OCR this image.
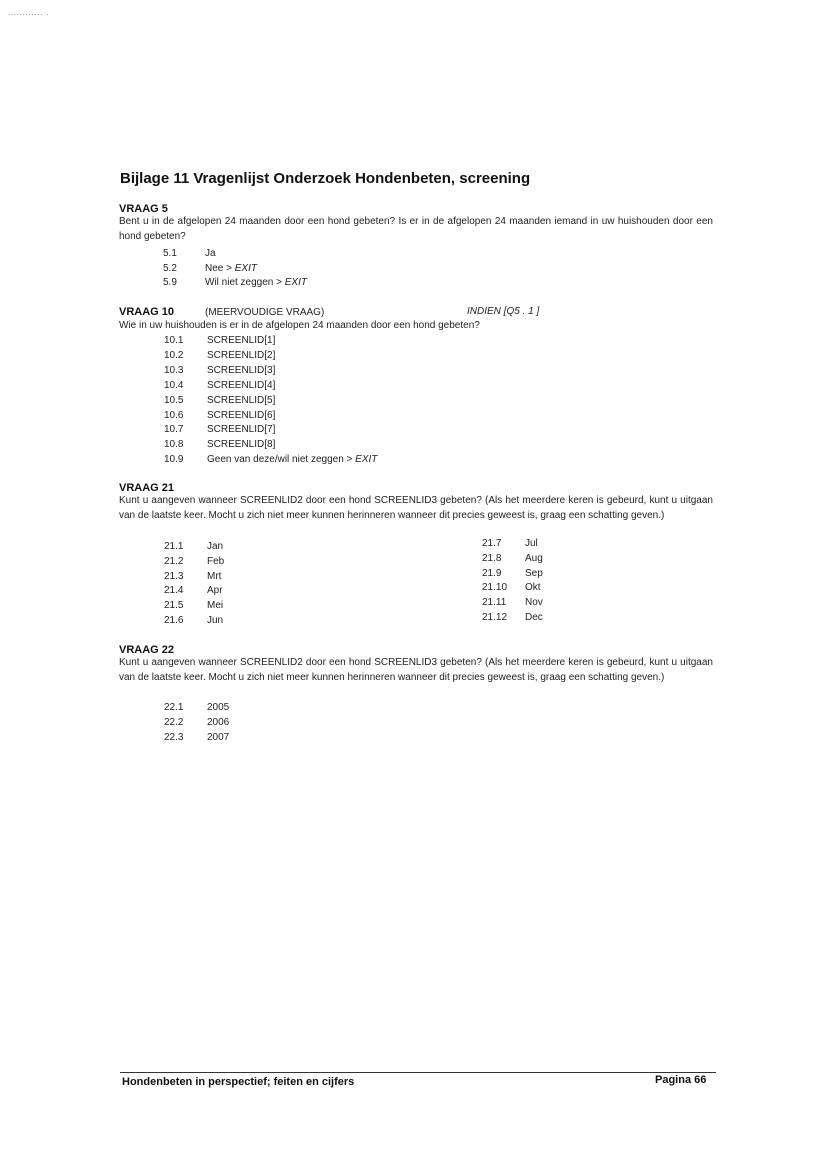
............ .
Bijlage 11 Vragenlijst Onderzoek Hondenbeten, screening
VRAAG 5
Bent u in de afgelopen 24 maanden door een hond gebeten? Is er in de afgelopen 24 maanden iemand in uw huishouden door een hond gebeten?
5.1	Ja
5.2	Nee > EXIT
5.9	Wil niet zeggen > EXIT
VRAAG 10	(MEERVOUDIGE VRAAG)	INDIEN [Q5 . 1 ]
Wie in uw huishouden is er in de afgelopen 24 maanden door een hond gebeten?
10.1 SCREENLID[1]
10.2 SCREENLID[2]
10.3 SCREENLID[3]
10.4 SCREENLID[4]
10.5 SCREENLID[5]
10.6 SCREENLID[6]
10.7 SCREENLID[7]
10.8 SCREENLID[8]
10.9 Geen van deze/wil niet zeggen > EXIT
VRAAG 21
Kunt u aangeven wanneer SCREENLID2 door een hond SCREENLID3 gebeten? (Als het meerdere keren is gebeurd, kunt u uitgaan van de laatste keer. Mocht u zich niet meer kunnen herinneren wanneer dit precies geweest is, graag een schatting geven.)
21.1 Jan
21.2 Feb
21.3 Mrt
21.4 Apr
21.5 Mei
21.6 Jun
21.7 Jul
21.8 Aug
21.9 Sep
21.10 Okt
21.11 Nov
21.12 Dec
VRAAG 22
Kunt u aangeven wanneer SCREENLID2 door een hond SCREENLID3 gebeten? (Als het meerdere keren is gebeurd, kunt u uitgaan van de laatste keer. Mocht u zich niet meer kunnen herinneren wanneer dit precies geweest is, graag een schatting geven.)
22.1 2005
22.2 2006
22.3 2007
Hondenbeten in perspectief; feiten en cijfers	Pagina 66
